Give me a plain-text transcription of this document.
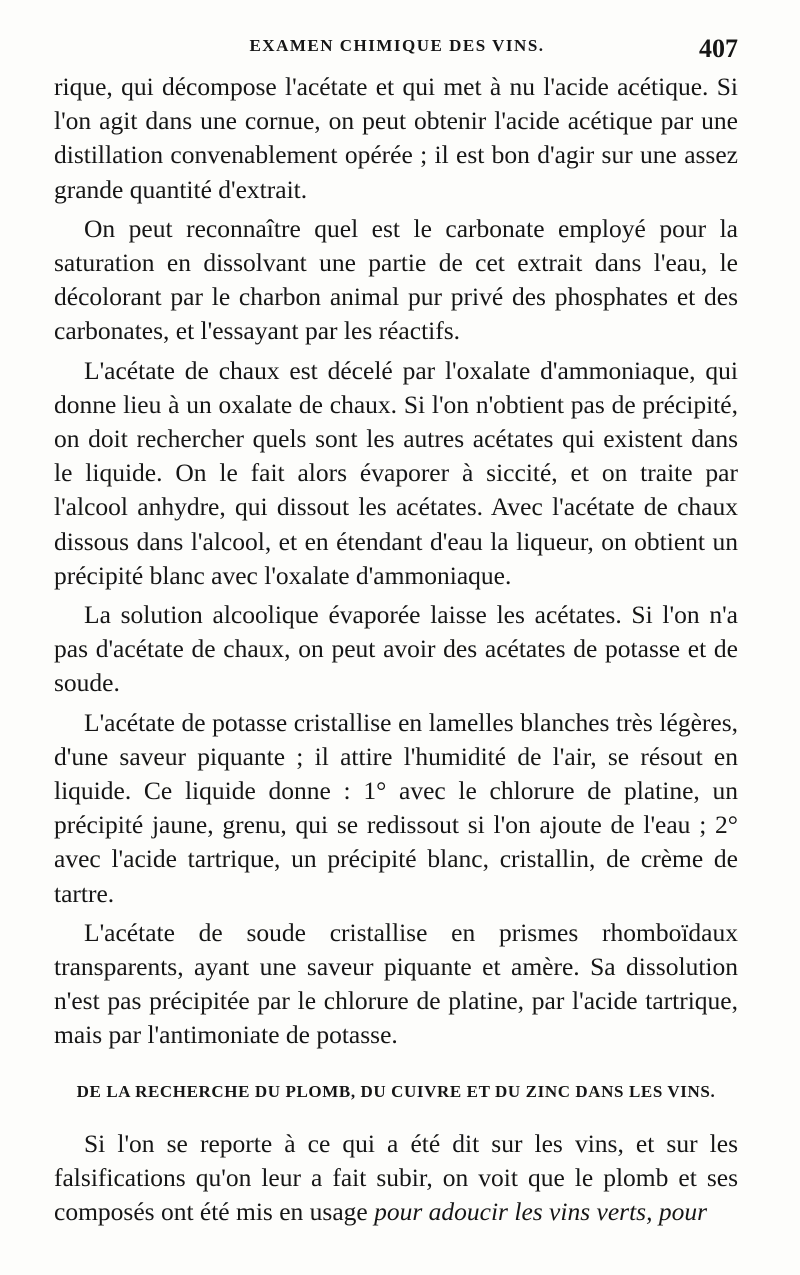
EXAMEN CHIMIQUE DES VINS.	407

rique, qui décompose l'acétate et qui met à nu l'acide acétique. Si l'on agit dans une cornue, on peut obtenir l'acide acétique par une distillation convenablement opérée ; il est bon d'agir sur une assez grande quantité d'extrait.

On peut reconnaître quel est le carbonate employé pour la saturation en dissolvant une partie de cet extrait dans l'eau, le décolorant par le charbon animal pur privé des phosphates et des carbonates, et l'essayant par les réactifs.

L'acétate de chaux est décelé par l'oxalate d'ammoniaque, qui donne lieu à un oxalate de chaux. Si l'on n'obtient pas de précipité, on doit rechercher quels sont les autres acétates qui existent dans le liquide. On le fait alors évaporer à siccité, et on traite par l'alcool anhydre, qui dissout les acétates. Avec l'acétate de chaux dissous dans l'alcool, et en étendant d'eau la liqueur, on obtient un précipité blanc avec l'oxalate d'ammoniaque.

La solution alcoolique évaporée laisse les acétates. Si l'on n'a pas d'acétate de chaux, on peut avoir des acétates de potasse et de soude.

L'acétate de potasse cristallise en lamelles blanches très légères, d'une saveur piquante ; il attire l'humidité de l'air, se résout en liquide. Ce liquide donne : 1° avec le chlorure de platine, un précipité jaune, grenu, qui se redissout si l'on ajoute de l'eau ; 2° avec l'acide tartrique, un précipité blanc, cristallin, de crème de tartre.

L'acétate de soude cristallise en prismes rhomboïdaux transparents, ayant une saveur piquante et amère. Sa dissolution n'est pas précipitée par le chlorure de platine, par l'acide tartrique, mais par l'antimoniate de potasse.

DE LA RECHERCHE DU PLOMB, DU CUIVRE ET DU ZINC DANS LES VINS.

Si l'on se reporte à ce qui a été dit sur les vins, et sur les falsifications qu'on leur a fait subir, on voit que le plomb et ses composés ont été mis en usage pour adoucir les vins verts, pour
